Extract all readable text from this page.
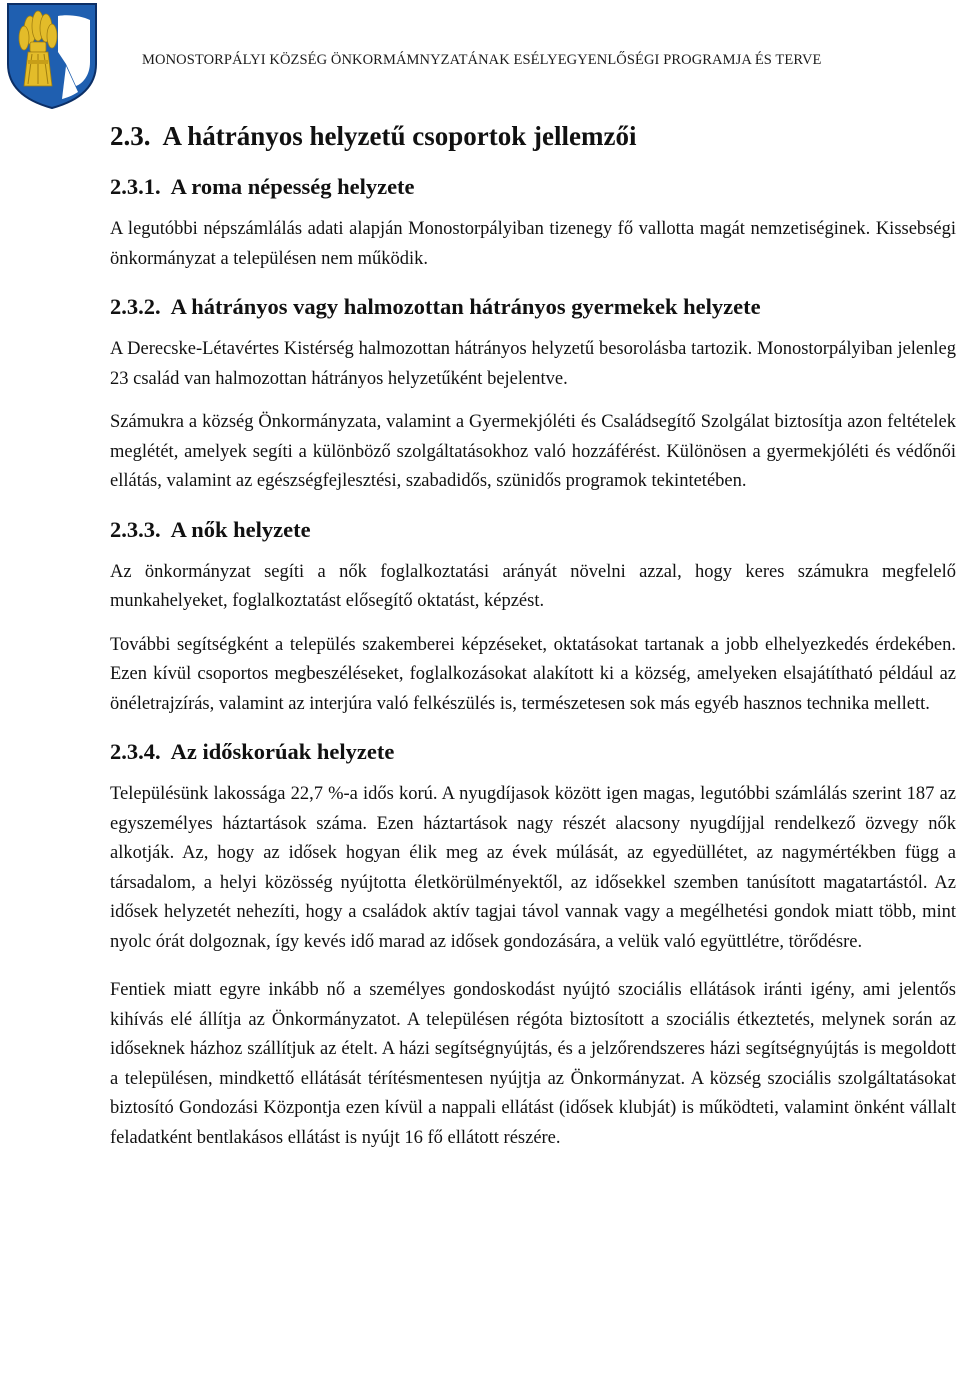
MONOSTORPÁLYI KÖZSÉG ÖNKORMÁMNYZATÁNAK ESÉLYEGYENLŐSÉGI PROGRAMJA ÉS TERVE
2.3.  A hátrányos helyzetű csoportok jellemzői
2.3.1.  A roma népesség helyzete

A legutóbbi népszámlálás adati alapján Monostorpályiban tizenegy fő vallotta magát nemzetiséginek. Kissebségi önkormányzat a településen nem működik.

2.3.2.  A hátrányos vagy halmozottan hátrányos gyermekek helyzete

A Derecske-Létavértes Kistérség halmozottan hátrányos helyzetű besorolásba tartozik. Monostorpályiban jelenleg 23 család van halmozottan hátrányos helyzetűként bejelentve.

Számukra a község Önkormányzata, valamint a Gyermekjóléti és Családsegítő Szolgálat biztosítja azon feltételek meglétét, amelyek segíti a különböző szolgáltatásokhoz való hozzáférést. Különösen a gyermekjóléti és védőnői ellátás, valamint az egészségfejlesztési, szabadidős, szünidős programok tekintetében.

2.3.3.  A nők helyzete

Az önkormányzat segíti a nők foglalkoztatási arányát növelni azzal, hogy keres számukra megfelelő munkahelyeket, foglalkoztatást elősegítő oktatást, képzést.

További segítségként a település szakemberei képzéseket, oktatásokat tartanak a jobb elhelyezkedés érdekében. Ezen kívül csoportos megbeszéléseket, foglalkozásokat alakított ki a község, amelyeken elsajátítható például az önéletrajzírás, valamint az interjúra való felkészülés is, természetesen sok más egyéb hasznos technika mellett.

2.3.4.  Az időskorúak helyzete

Településünk lakossága 22,7 %-a idős korú. A nyugdíjasok között igen magas, legutóbbi számlálás szerint 187 az egyszemélyes háztartások száma. Ezen háztartások nagy részét alacsony nyugdíjjal rendelkező özvegy nők alkotják. Az, hogy az idősek hogyan élik meg az évek múlását, az egyedüllétet, az nagymértékben függ a társadalom, a helyi közösség nyújtotta életkörülményektől, az idősekkel szemben tanúsított magatartástól. Az idősek helyzetét nehezíti, hogy a családok aktív tagjai távol vannak vagy a megélhetési gondok miatt több, mint nyolc órát dolgoznak, így kevés idő marad az idősek gondozására, a velük való együttlétre, törődésre.

Fentiek miatt egyre inkább nő a személyes gondoskodást nyújtó szociális ellátások iránti igény, ami jelentős kihívás elé állítja az Önkormányzatot. A településen régóta biztosított a szociális étkeztetés, melynek során az időseknek házhoz szállítjuk az ételt. A házi segítségnyújtás, és a jelzőrendszeres házi segítségnyújtás is megoldott a településen, mindkettő ellátását térítésmentesen nyújtja az Önkormányzat. A község szociális szolgáltatásokat biztosító Gondozási Központja ezen kívül a nappali ellátást (idősek klubját) is működteti, valamint önként vállalt feladatként bentlakásos ellátást is nyújt 16 fő ellátott részére.
